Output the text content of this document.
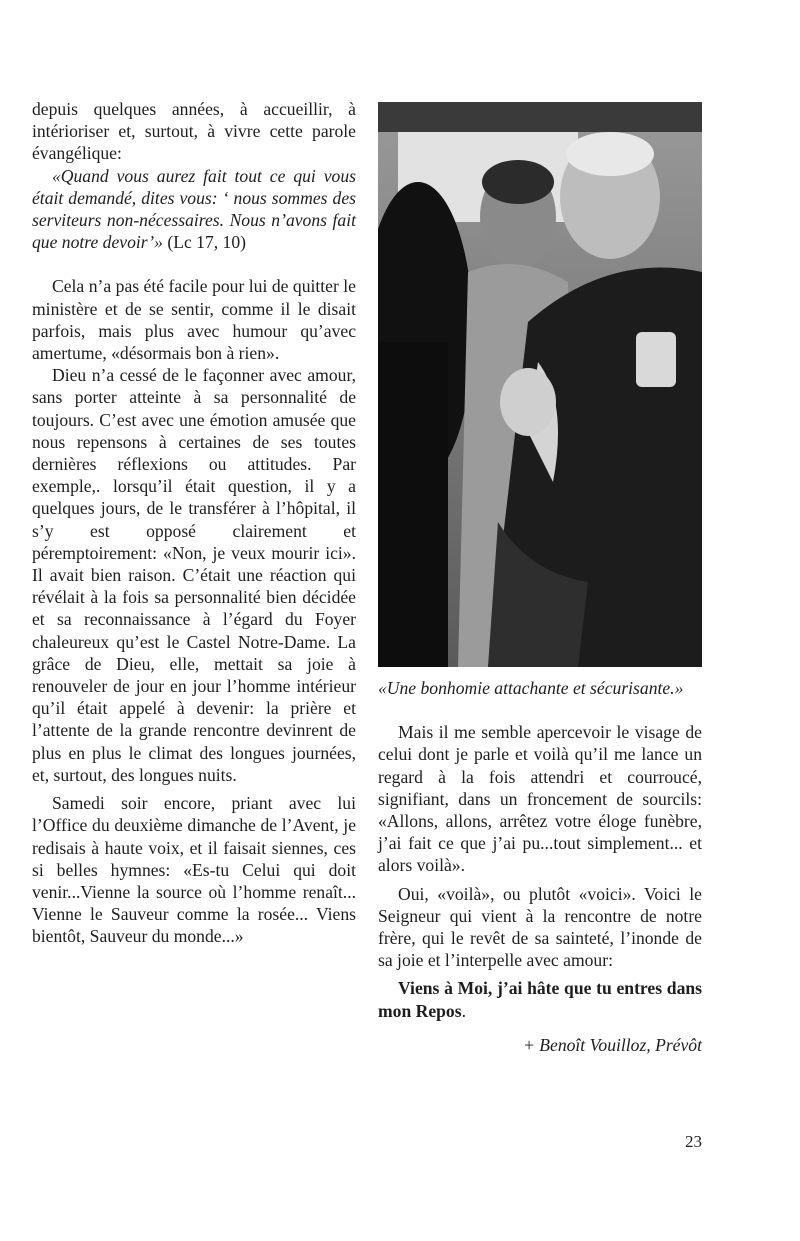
depuis quelques années, à accueillir, à intérioriser et, surtout, à vivre cette parole évangélique:

«Quand vous aurez fait tout ce qui vous était demandé, dites vous: ‘ nous sommes des serviteurs non-nécessaires. Nous n’avons fait que notre devoir’» (Lc 17, 10)

Cela n’a pas été facile pour lui de quitter le ministère et de se sentir, comme il le disait parfois, mais plus avec humour qu’avec amertume, «désormais bon à rien».

Dieu n’a cessé de le façonner avec amour, sans porter atteinte à sa personnalité de toujours. C’est avec une émotion amusée que nous repensons à certaines de ses toutes dernières réflexions ou attitudes. Par exemple,. lorsqu’il était question, il y a quelques jours, de le transférer à l’hôpital, il s’y est opposé clairement et péremptoirement: «Non, je veux mourir ici». Il avait bien raison. C’était une réaction qui révélait à la fois sa personnalité bien décidée et sa reconnaissance à l’égard du Foyer chaleureux qu’est le Castel Notre-Dame. La grâce de Dieu, elle, mettait sa joie à renouveler de jour en jour l’homme intérieur qu’il était appelé à devenir: la prière et l’attente de la grande rencontre devinrent de plus en plus le climat des longues journées, et, surtout, des longues nuits.

Samedi soir encore, priant avec lui l’Office du deuxième dimanche de l’Avent, je redisais à haute voix, et il faisait siennes, ces si belles hymnes: «Es-tu Celui qui doit venir...Vienne la source où l’homme renaît... Vienne le Sauveur comme la rosée... Viens bientôt, Sauveur du monde...»

«Une bonhomie attachante et sécurisante.»

Mais il me semble apercevoir le visage de celui dont je parle et voilà qu’il me lance un regard à la fois attendri et courroucé, signifiant, dans un froncement de sourcils: «Allons, allons, arrêtez votre éloge funèbre, j’ai fait ce que j’ai pu...tout simplement... et alors voilà».

Oui, «voilà», ou plutôt «voici». Voici le Seigneur qui vient à la rencontre de notre frère, qui le revêt de sa sainteté, l’inonde de sa joie et l’interpelle avec amour:

Viens à Moi, j’ai hâte que tu entres dans mon Repos.

+ Benoît Vouilloz, Prévôt

23
